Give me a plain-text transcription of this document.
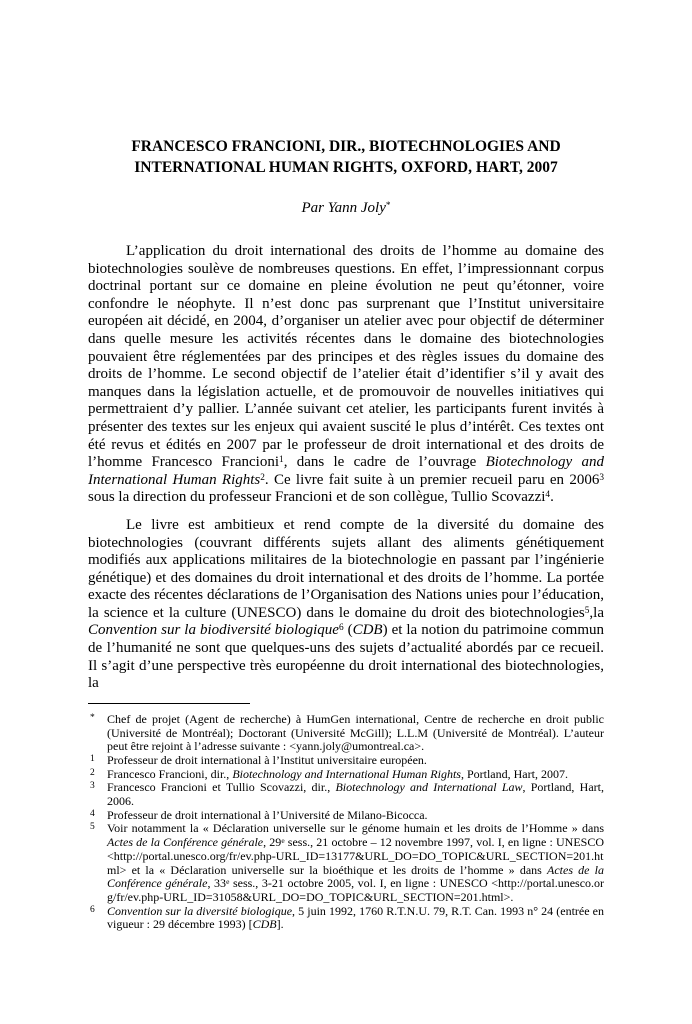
FRANCESCO FRANCIONI, DIR., BIOTECHNOLOGIES AND
INTERNATIONAL HUMAN RIGHTS, OXFORD, HART, 2007
Par Yann Joly*

L’application du droit international des droits de l’homme au domaine des biotechnologies soulève de nombreuses questions. En effet, l’impressionnant corpus doctrinal portant sur ce domaine en pleine évolution ne peut qu’étonner, voire confondre le néophyte. Il n’est donc pas surprenant que l’Institut universitaire européen ait décidé, en 2004, d’organiser un atelier avec pour objectif de déterminer dans quelle mesure les activités récentes dans le domaine des biotechnologies pouvaient être réglementées par des principes et des règles issues du domaine des droits de l’homme. Le second objectif de l’atelier était d’identifier s’il y avait des manques dans la législation actuelle, et de promouvoir de nouvelles initiatives qui permettraient d’y pallier. L’année suivant cet atelier, les participants furent invités à présenter des textes sur les enjeux qui avaient suscité le plus d’intérêt. Ces textes ont été revus et édités en 2007 par le professeur de droit international et des droits de l’homme Francesco Francioni$^1$, dans le cadre de l’ouvrage Biotechnology and International Human Rights$^2$. Ce livre fait suite à un premier recueil paru en 2006$^3$ sous la direction du professeur Francioni et de son collègue, Tullio Scovazzi$^4$.

Le livre est ambitieux et rend compte de la diversité du domaine des biotechnologies (couvrant différents sujets allant des aliments génétiquement modifiés aux applications militaires de la biotechnologie en passant par l’ingénierie génétique) et des domaines du droit international et des droits de l’homme. La portée exacte des récentes déclarations de l’Organisation des Nations unies pour l’éducation, la science et la culture (UNESCO) dans le domaine du droit des biotechnologies$^5$,la Convention sur la biodiversité biologique$^6$ (CDB) et la notion du patrimoine commun de l’humanité ne sont que quelques-uns des sujets d’actualité abordés par ce recueil. Il s’agit d’une perspective très européenne du droit international des biotechnologies, la

* Chef de projet (Agent de recherche) à HumGen international, Centre de recherche en droit public (Université de Montréal); Doctorant (Université McGill); L.L.M (Université de Montréal). L’auteur peut être rejoint à l’adresse suivante : <yann.joly@umontreal.ca>.
1 Professeur de droit international à l’Institut universitaire européen.
2 Francesco Francioni, dir., Biotechnology and International Human Rights, Portland, Hart, 2007.
3 Francesco Francioni et Tullio Scovazzi, dir., Biotechnology and International Law, Portland, Hart, 2006.
4 Professeur de droit international à l’Université de Milano-Bicocca.
5 Voir notamment la « Déclaration universelle sur le génome humain et les droits de l’Homme » dans Actes de la Conférence générale, 29e sess., 21 octobre – 12 novembre 1997, vol. I, en ligne : UNESCO <http://portal.unesco.org/fr/ev.php-URL_ID=13177&URL_DO=DO_TOPIC&URL_SECTION=201.html> et la « Déclaration universelle sur la bioéthique et les droits de l’homme » dans Actes de la Conférence générale, 33e sess., 3-21 octobre 2005, vol. I, en ligne : UNESCO <http://portal.unesco.org/fr/ev.php-URL_ID=31058&URL_DO=DO_TOPIC&URL_SECTION=201.html>.
6 Convention sur la diversité biologique, 5 juin 1992, 1760 R.T.N.U. 79, R.T. Can. 1993 n° 24 (entrée en vigueur : 29 décembre 1993) [CDB].
